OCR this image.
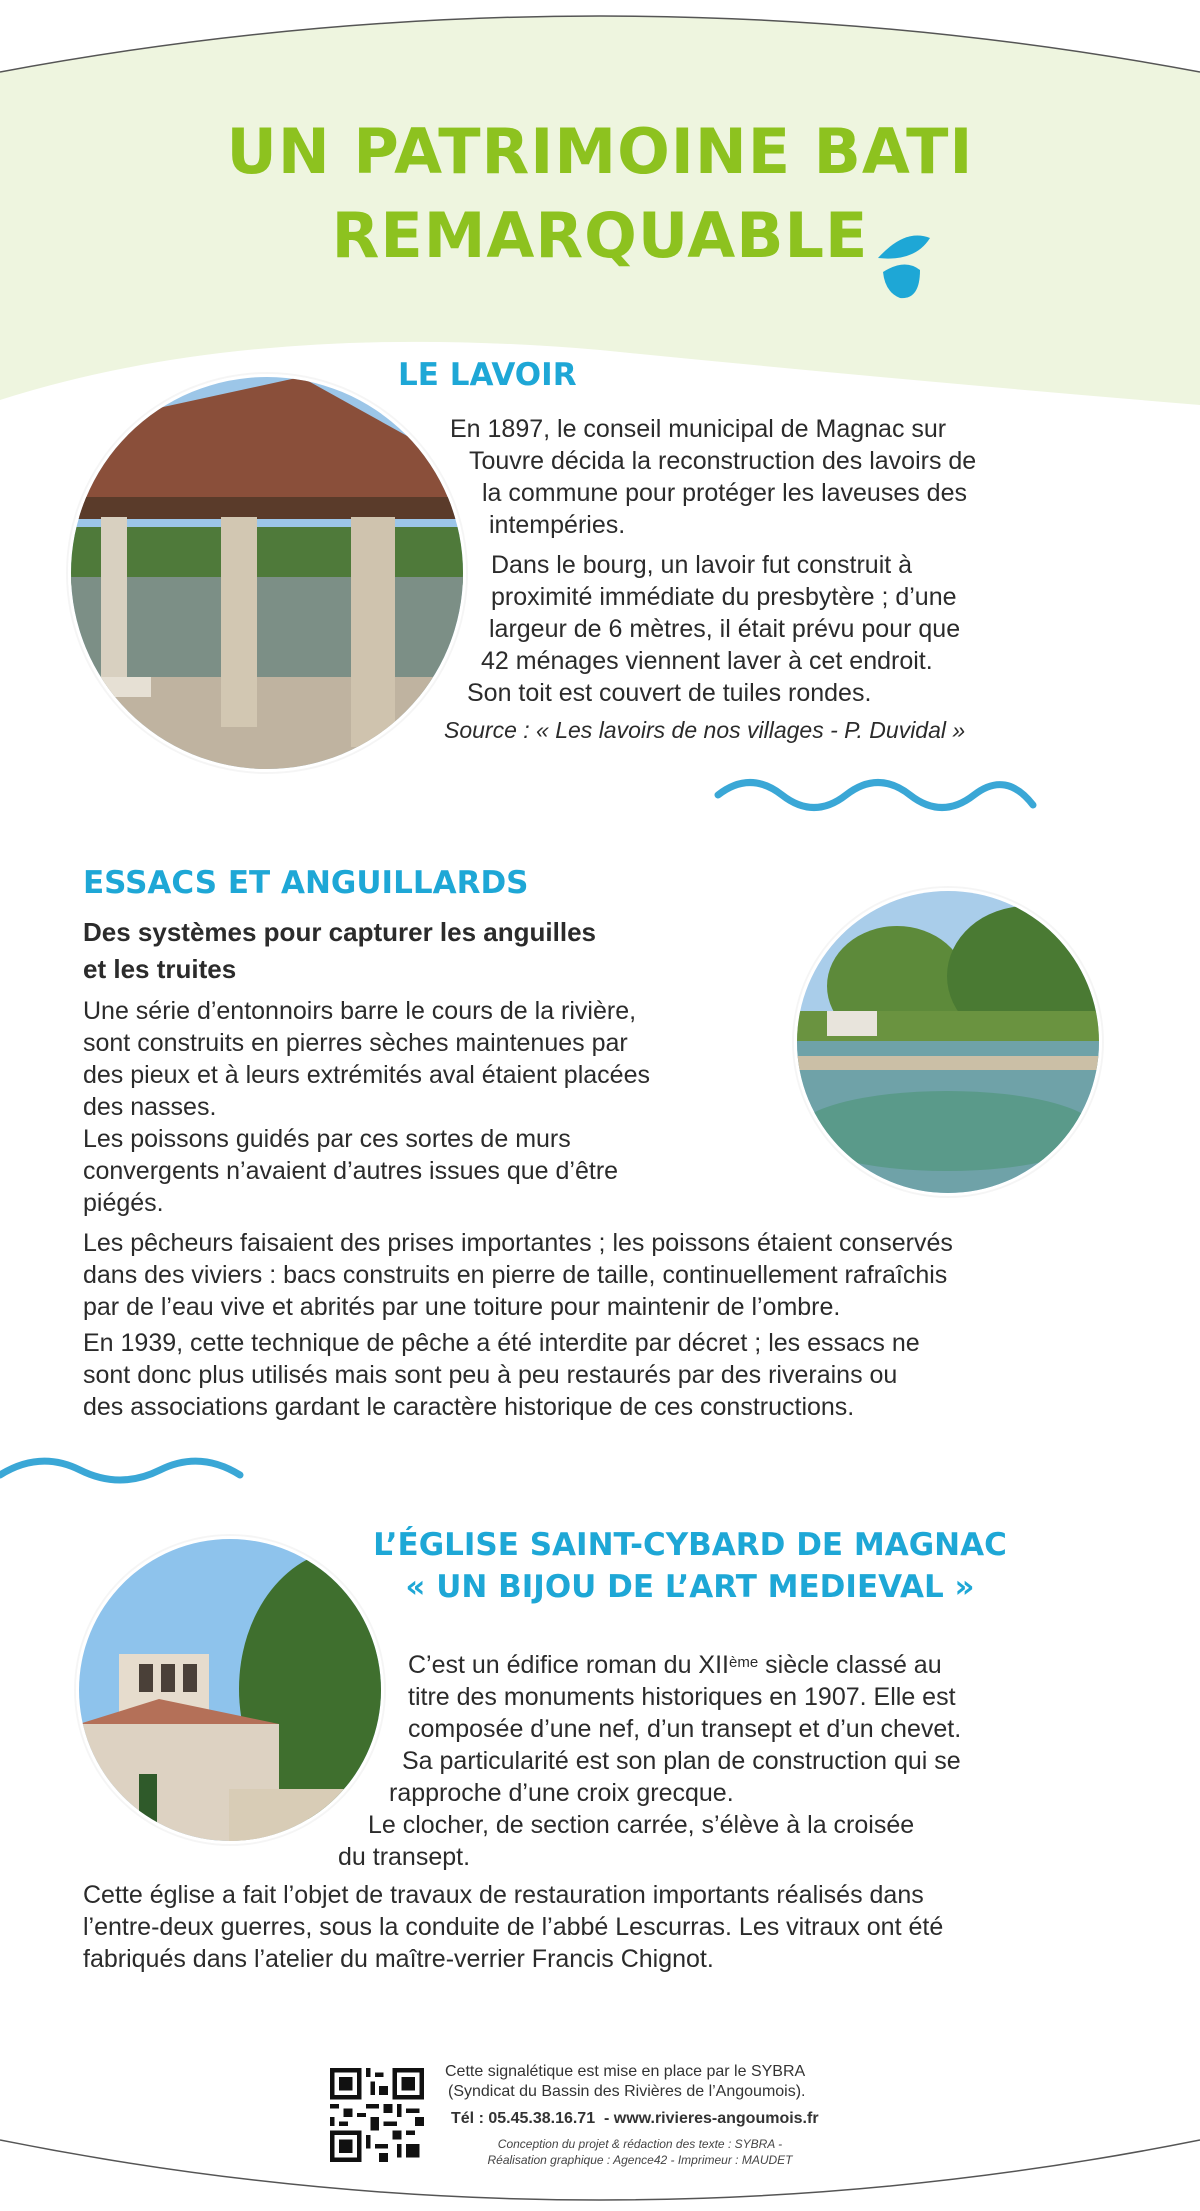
UN PATRIMOINE BATI
REMARQUABLE
LE LAVOIR
En 1897, le conseil municipal de Magnac sur
Touvre décida la reconstruction des lavoirs de
la commune pour protéger les laveuses des
intempéries.
Dans le bourg, un lavoir fut construit à
proximité immédiate du presbytère ; d’une
largeur de 6 mètres, il était prévu pour que
42 ménages viennent laver à cet endroit.
Son toit est couvert de tuiles rondes.
Source : « Les lavoirs de nos villages - P. Duvidal »
ESSACS ET ANGUILLARDS
Des systèmes pour capturer les anguilles
et les truites
Une série d’entonnoirs barre le cours de la rivière,
sont construits en pierres sèches maintenues par
des pieux et à leurs extrémités aval étaient placées
des nasses.
Les poissons guidés par ces sortes de murs
convergents n’avaient d’autres issues que d’être
piégés.
Les pêcheurs faisaient des prises importantes ; les poissons étaient conservés
dans des viviers : bacs construits en pierre de taille, continuellement rafraîchis
par de l’eau vive et abrités par une toiture pour maintenir de l’ombre.
En 1939, cette technique de pêche a été interdite par décret ; les essacs ne
sont donc plus utilisés mais sont peu à peu restaurés par des riverains ou
des associations gardant le caractère historique de ces constructions.
L’ÉGLISE SAINT-CYBARD DE MAGNAC
« UN BIJOU DE L’ART MEDIEVAL »
C’est un édifice roman du XIIème siècle classé au
titre des monuments historiques en 1907. Elle est
composée d’une nef, d’un transept et d’un chevet.
Sa particularité est son plan de construction qui se
rapproche d’une croix grecque.
Le clocher, de section carrée, s’élève à la croisée
du transept.
Cette église a fait l’objet de travaux de restauration importants réalisés dans
l’entre-deux guerres, sous la conduite de l’abbé Lescurras. Les vitraux ont été
fabriqués dans l’atelier du maître-verrier Francis Chignot.
Cette signalétique est mise en place par le SYBRA
(Syndicat du Bassin des Rivières de l’Angoumois).
Tél : 05.45.38.16.71  - www.rivieres-angoumois.fr
Conception du projet & rédaction des texte : SYBRA -
Réalisation graphique : Agence42 - Imprimeur : MAUDET
